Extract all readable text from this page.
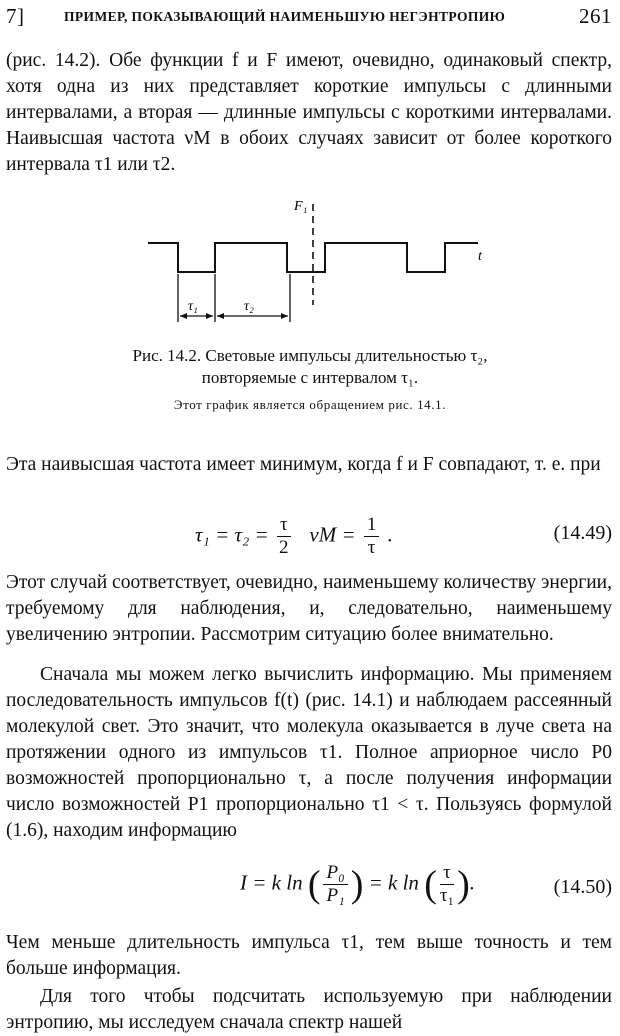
7]	ПРИМЕР, ПОКАЗЫВАЮЩИЙ НАИМЕНЬШУЮ НЕГЭНТРОПИЮ	261

(рис. 14.2). Обе функции f и F имеют, очевидно, одинаковый спектр, хотя одна из них представляет короткие импульсы с длинными интервалами, а вторая — длинные импульсы с короткими интервалами. Наивысшая частота νM в обоих случаях зависит от более короткого интервала τ1 или τ2.

F₁
t
τ₁	τ₂

Рис. 14.2. Световые импульсы длительностью τ₂,

повторяемые с интервалом τ₁.

Этот график является обращением рис. 14.1.

Эта наивысшая частота имеет минимум, когда f и F совпадают, т. е. при

$\tau_1 = \tau_2 = \frac{\tau}{2}$ $\nu M = \frac{1}{\tau}$ .	(14.49)

Этот случай соответствует, очевидно, наименьшему количеству энергии, требуемому для наблюдения, и, следовательно, наименьшему увеличению энтропии. Рассмотрим ситуацию более внимательно.

Сначала мы можем легко вычислить информацию. Мы применяем последовательность импульсов f(t) (рис. 14.1) и наблюдаем рассеянный молекулой свет. Это значит, что молекула оказывается в луче света на протяжении одного из импульсов τ1. Полное априорное число P0 возможностей пропорционально τ, а после получения информации число возможностей P1 пропорционально τ1 < τ. Пользуясь формулой (1.6), находим информацию

I = k ln ( $\frac{\text{P₀}}{\text{P₁}}$ ) = k ln ( $\frac{\tau}{\text{τ₁}}$ ).	(14.50)

Чем меньше длительность импульса τ1, тем выше точность и тем больше информация.

Для того чтобы подсчитать используемую при наблюдении энтропию, мы исследуем сначала спектр нашей
